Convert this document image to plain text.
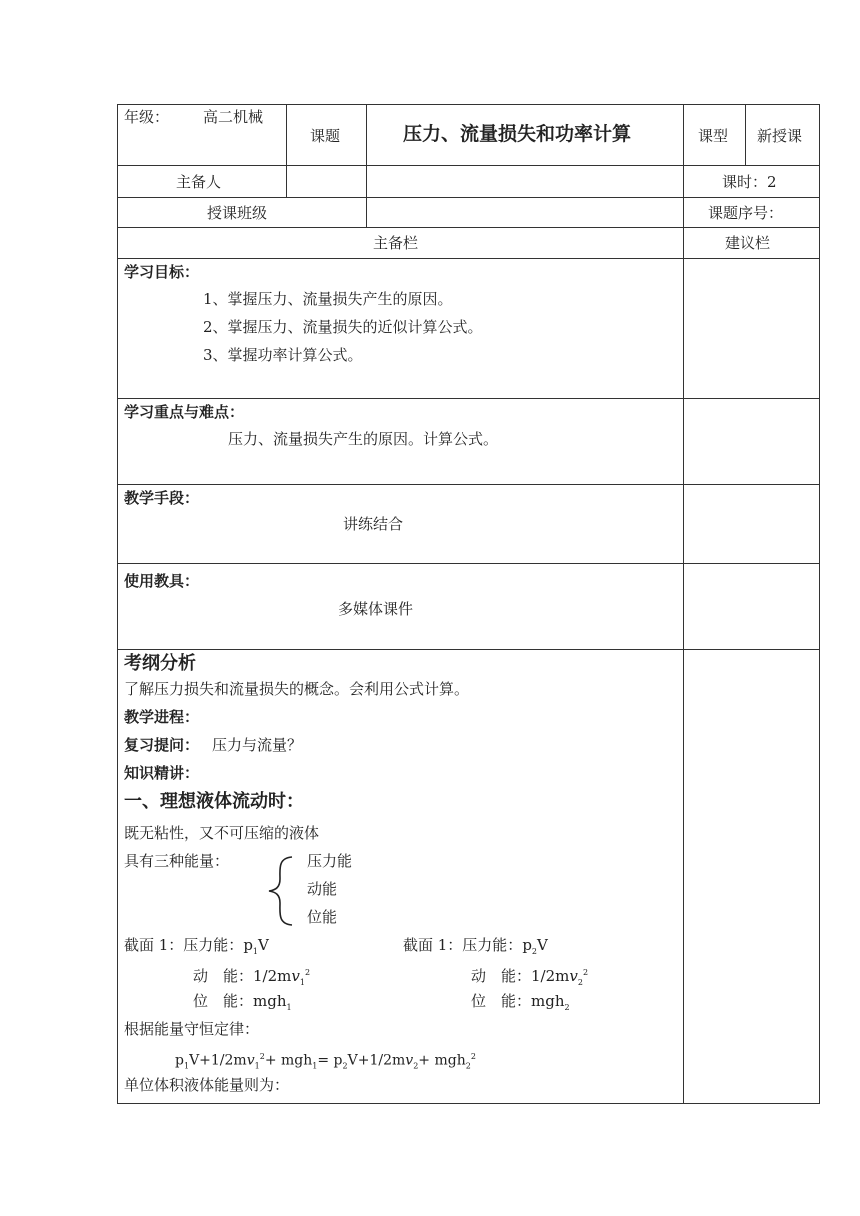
年级： 高二机械
课题	压力、流量损失和功率计算	课型 新授课
主备人	课时：2
授课班级	课题序号：
主备栏	建议栏
学习目标：
1、掌握压力、流量损失产生的原因。
2、掌握压力、流量损失的近似计算公式。
3、掌握功率计算公式。
学习重点与难点：
压力、流量损失产生的原因。计算公式。
教学手段：
讲练结合
使用教具：
多媒体课件
考纲分析
了解压力损失和流量损失的概念。会利用公式计算。
教学进程：
复习提问： 压力与流量？
知识精讲：
一、理想液体流动时：
既无粘性，又不可压缩的液体
具有三种能量：	压力能
动能
位能
截面 1：压力能：$p_1V$
动　能：$1/2mv_1^2$
位　能：mgh$_1$
截面 1：压力能：$p_2V$
动　能：$1/2mv_2^2$
位　能：mgh$_2$
根据能量守恒定律：
$p_1V+1/2mv_1^2+ mgh_1= p_2V+1/2mv_2+ mgh_2^2$
单位体积液体能量则为：
